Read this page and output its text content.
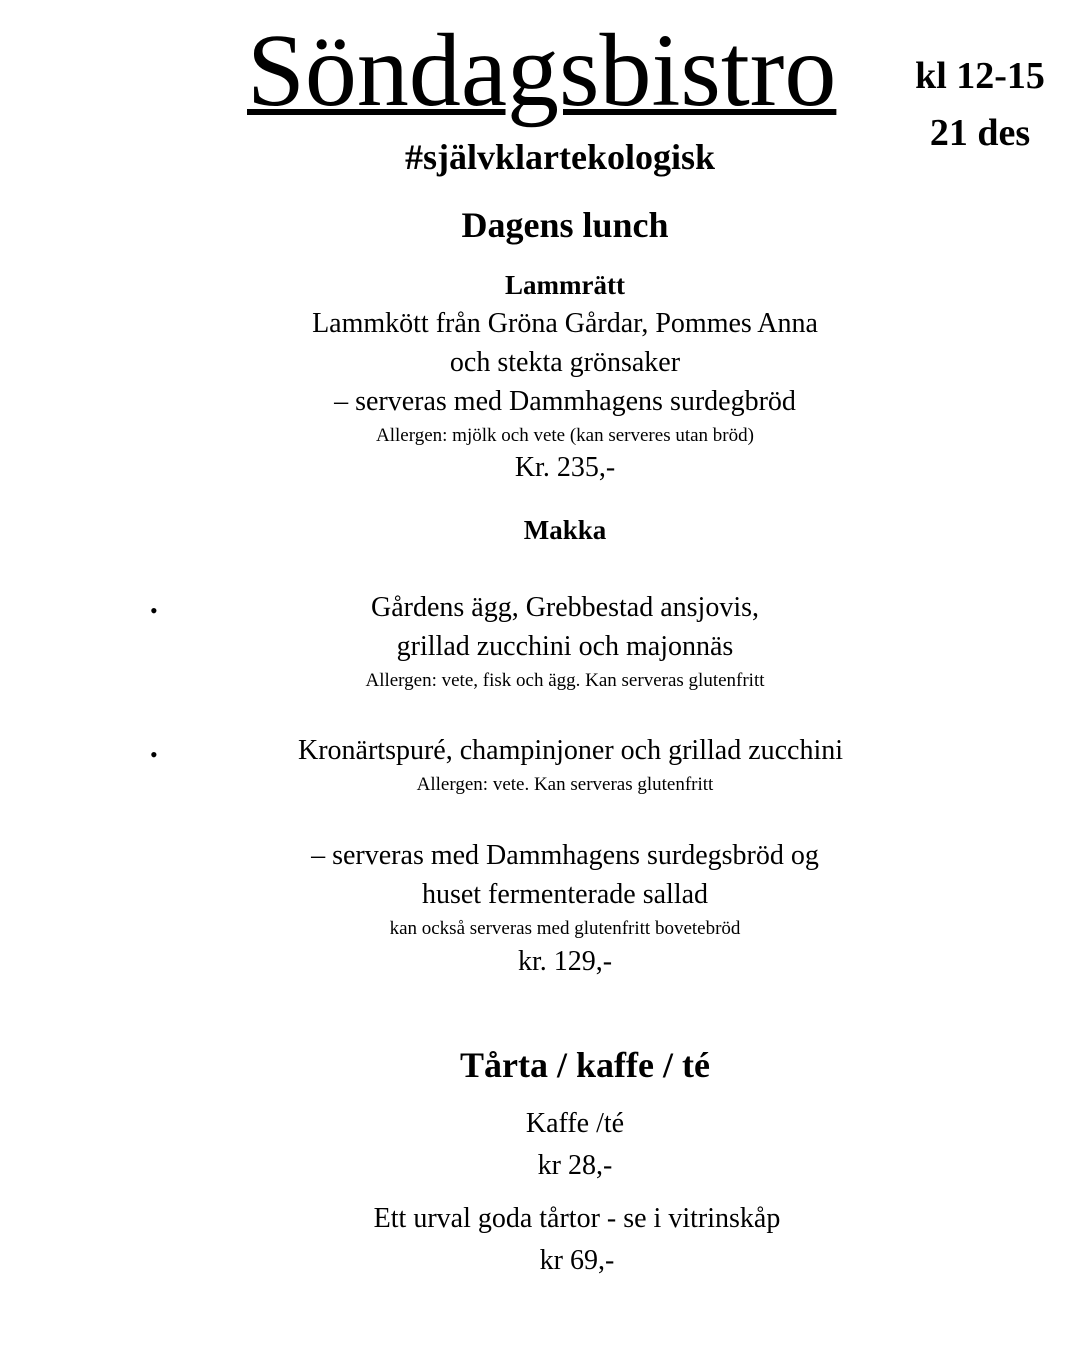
Söndagsbistro	kl 12-15
21 des
#självklartekologisk
Dagens lunch
Lammrätt
Lammkött från Gröna Gårdar, Pommes Anna
och stekta grönsaker
– serveras med Dammhagens surdegbröd
Allergen: mjölk och vete (kan serveres utan bröd)
Kr. 235,-
Makka
•	Gårdens ägg, Grebbestad ansjovis,
grillad zucchini och majonnäs
Allergen: vete, fisk och ägg. Kan serveras glutenfritt
•	Kronärtspuré, champinjoner och grillad zucchini
Allergen: vete. Kan serveras glutenfritt
– serveras med Dammhagens surdegsbröd og
huset fermenterade sallad
kan också serveras med glutenfritt bovetebröd
kr. 129,-
Tårta / kaffe / té
Kaffe /té
kr 28,-
Ett urval goda tårtor - se i vitrinskåp
kr 69,-
